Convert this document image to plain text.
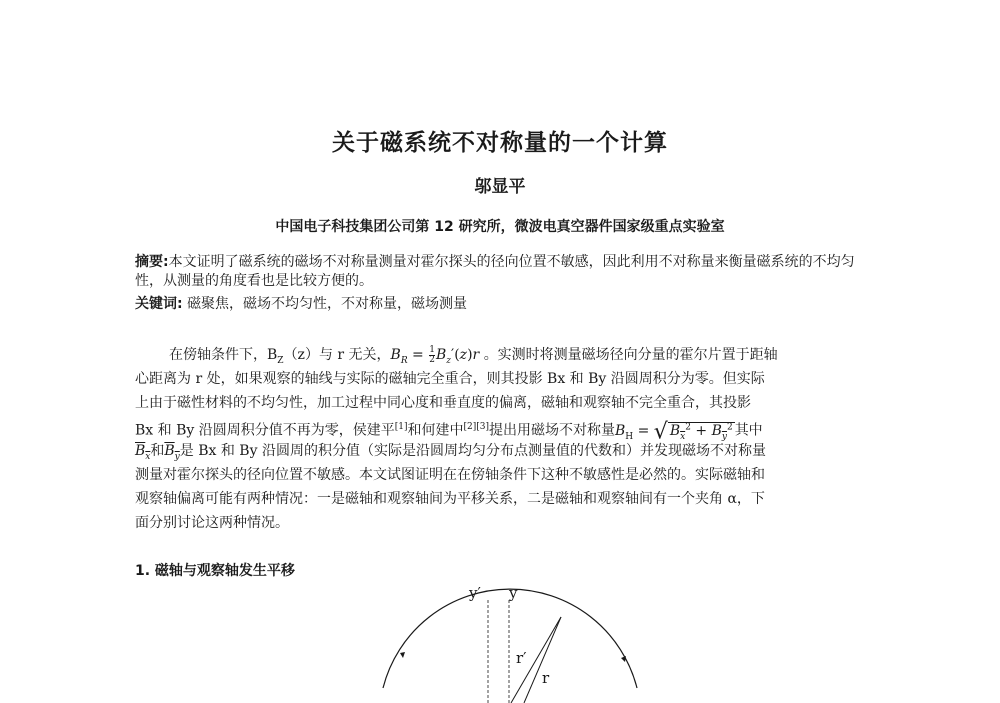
关于磁系统不对称量的一个计算
邬显平
中国电子科技集团公司第 12 研究所，微波电真空器件国家级重点实验室
摘要:本文证明了磁系统的磁场不对称量测量对霍尔探头的径向位置不敏感，因此利用不对称量来衡量磁系统的不均匀性，从测量的角度看也是比较方便的。
关键词: 磁聚焦，磁场不均匀性，不对称量，磁场测量
在傍轴条件下，$B_Z(z)$与 r 无关，$B_R = \frac{1}{2} B_z'(z)r$ 。实测时将测量磁场径向分量的霍尔片置于距轴
心距离为 r 处，如果观察的轴线与实际的磁轴完全重合，则其投影 Bx 和 By 沿圆周积分为零。但实际
上由于磁性材料的不均匀性，加工过程中同心度和垂直度的偏离，磁轴和观察轴不完全重合，其投影
Bx 和 By 沿圆周积分值不再为零，侯建平[1]和何建中[2][3]提出用磁场不对称量$B_H$ = √ $B_x^2 + B_y^2$ 其中
$B_x$和$B_y$是 Bx 和 By 沿圆周的积分值（实际是沿圆周均匀分布点测量值的代数和）并发现磁场不对称量
测量对霍尔探头的径向位置不敏感。本文试图证明在在傍轴条件下这种不敏感性是必然的。实际磁轴和
观察轴偏离可能有两种情况：一是磁轴和观察轴间为平移关系，二是磁轴和观察轴间有一个夹角 α，下
面分别讨论这两种情况。
1. 磁轴与观察轴发生平移
y′ y
r′
r
